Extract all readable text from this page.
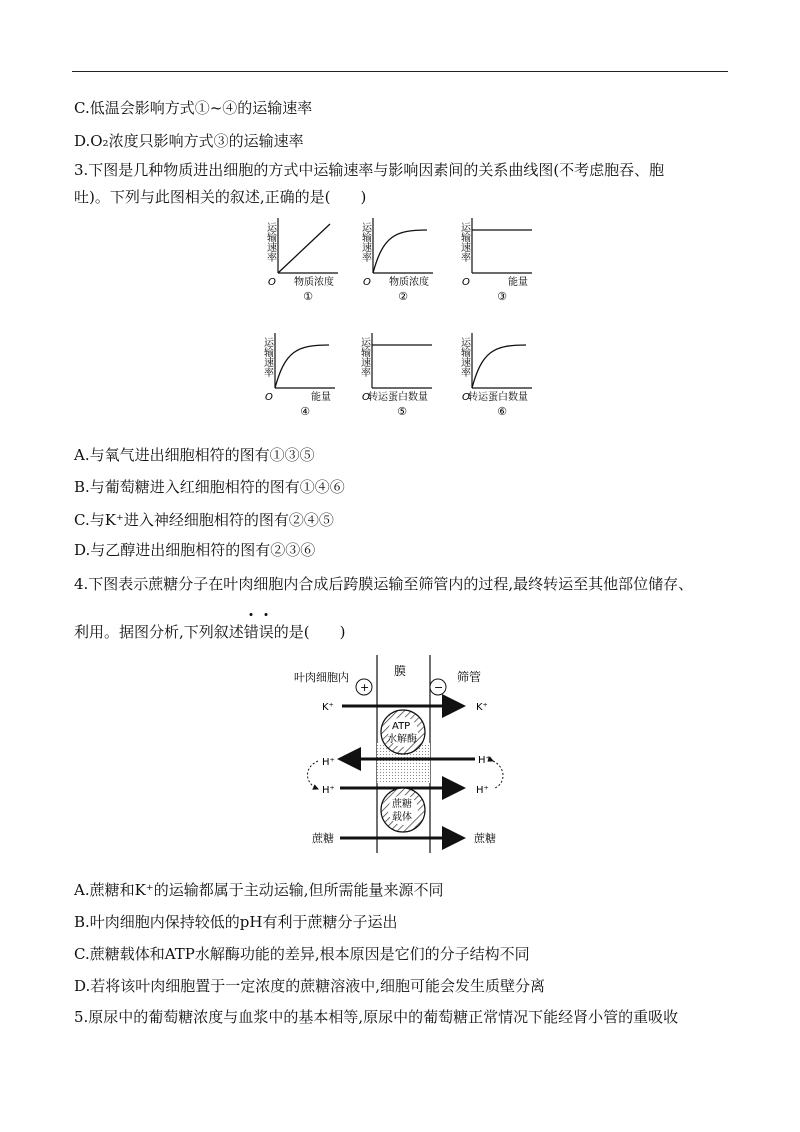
C.低温会影响方式①~④的运输速率
D.O₂浓度只影响方式③的运输速率
3.下图是几种物质进出细胞的方式中运输速率与影响因素间的关系曲线图(不考虑胞吞、胞
吐)。下列与此图相关的叙述,正确的是(　　)
运输速率
O 物质浓度
①
运输速率
O 物质浓度
②
运输速率
O	能量
③
运输速率
O	能量
④
运输速率
O
转运蛋白数量
⑤
运输速率
O
转运蛋白数量
⑥
A.与氧气进出细胞相符的图有①③⑤
B.与葡萄糖进入红细胞相符的图有①④⑥
C.与K⁺进入神经细胞相符的图有②④⑤
D.与乙醇进出细胞相符的图有②③⑥
4.下图表示蔗糖分子在叶肉细胞内合成后跨膜运输至筛管内的过程,最终转运至其他部位储存、
利用。据图分析,下列叙述
错误的是(　　)
叶肉细胞内	膜	筛管
+	−
K⁺	K⁺
ATP
水解酶
H⁺	H⁺
H⁺	H⁺
蔗糖
载体
蔗糖	蔗糖
A.蔗糖和K⁺的运输都属于主动运输,但所需能量来源不同
B.叶肉细胞内保持较低的pH有利于蔗糖分子运出
C.蔗糖载体和ATP水解酶功能的差异,根本原因是它们的分子结构不同
D.若将该叶肉细胞置于一定浓度的蔗糖溶液中,细胞可能会发生质壁分离
5.原尿中的葡萄糖浓度与血浆中的基本相等,原尿中的葡萄糖正常情况下能经肾小管的重吸收
